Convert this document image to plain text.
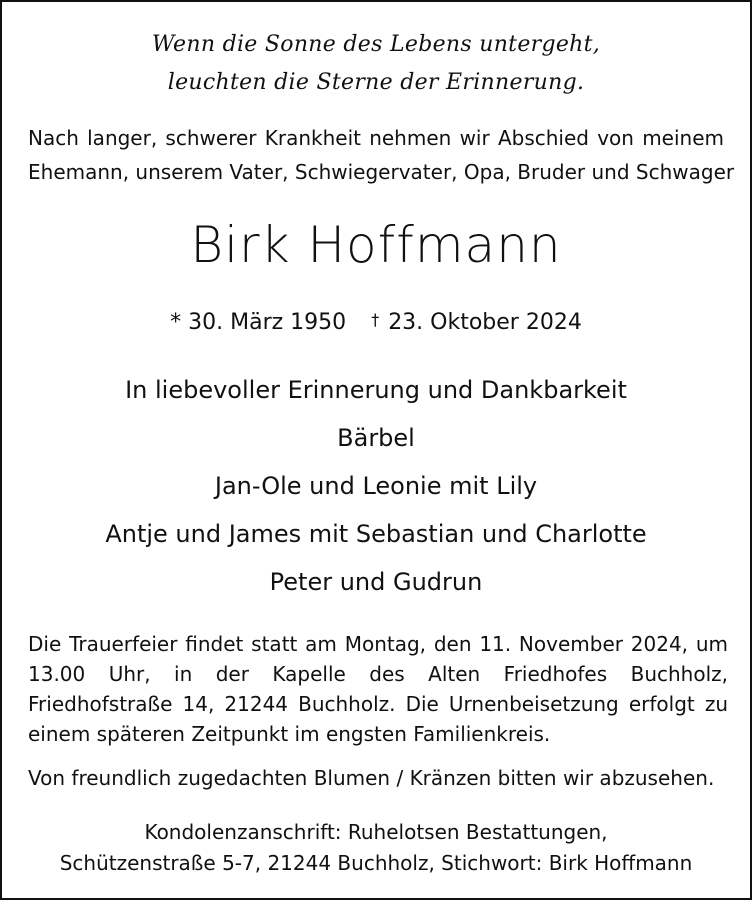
Wenn die Sonne des Lebens untergeht,
leuchten die Sterne der Erinnerung.
Nach langer, schwerer Krankheit nehmen wir Abschied von meinem
Ehemann, unserem Vater, Schwiegervater, Opa, Bruder und Schwager
Birk Hoffmann
* 30. März 1950 † 23. Oktober 2024
In liebevoller Erinnerung und Dankbarkeit
Bärbel
Jan-Ole und Leonie mit Lily
Antje und James mit Sebastian und Charlotte
Peter und Gudrun
Die Trauerfeier findet statt am Montag, den 11. November 2024, um 13.00 Uhr, in der Kapelle des Alten Friedhofes Buchholz, Friedhofstraße 14, 21244 Buchholz. Die Urnenbeisetzung erfolgt zu einem späteren Zeitpunkt im engsten Familienkreis.
Von freundlich zugedachten Blumen / Kränzen bitten wir abzusehen.
Kondolenzanschrift: Ruhelotsen Bestattungen,
Schützenstraße 5-7, 21244 Buchholz, Stichwort: Birk Hoffmann
